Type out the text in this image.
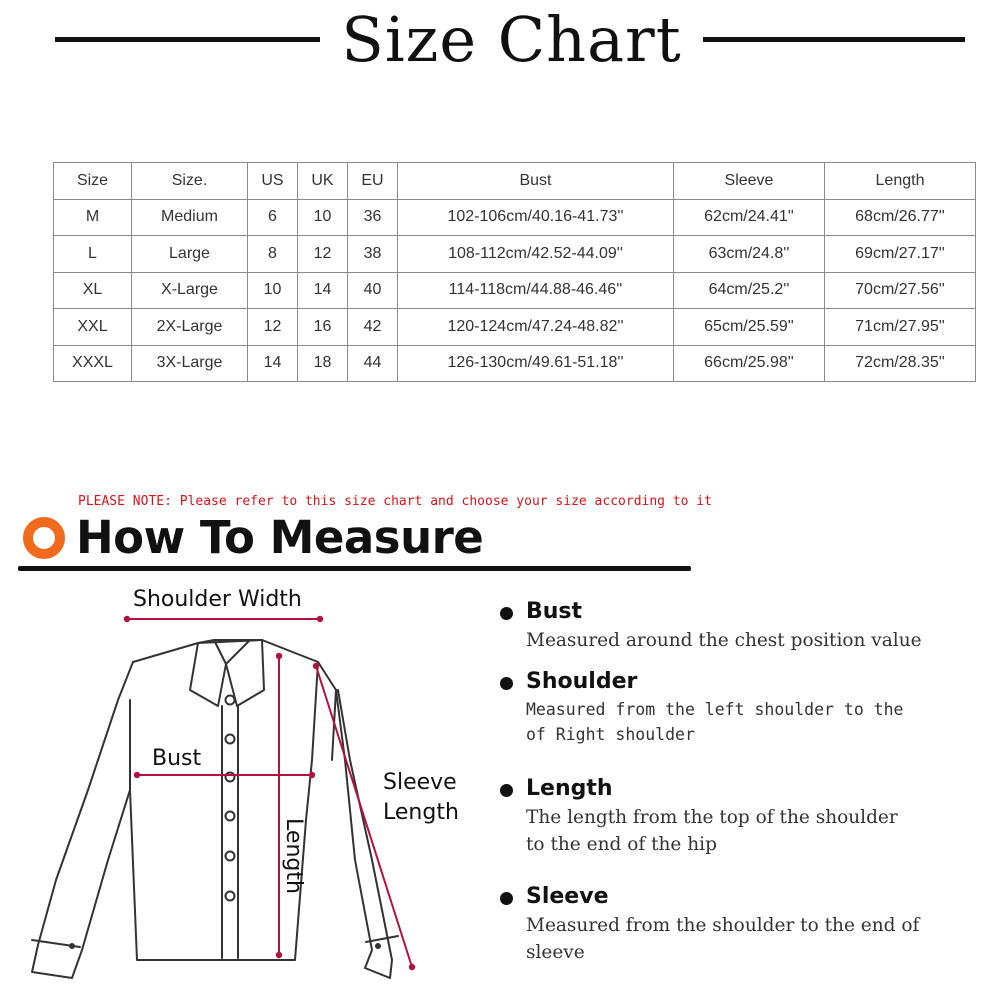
Size Chart
Size	Size.	US	UK	EU	Bust	Sleeve	Length
M	Medium	6	10	36	102-106cm/40.16-41.73''	62cm/24.41''	68cm/26.77''
L	Large	8	12	38	108-112cm/42.52-44.09''	63cm/24.8''	69cm/27.17''
XL	X-Large	10	14	40	114-118cm/44.88-46.46''	64cm/25.2''	70cm/27.56''
XXL	2X-Large	12	16	42	120-124cm/47.24-48.82''	65cm/25.59''	71cm/27.95''
XXXL	3X-Large	14	18	44	126-130cm/49.61-51.18''	66cm/25.98''	72cm/28.35''
PLEASE NOTE: Please refer to this size chart and choose your size according to it
How To Measure
Shoulder Width
Bust
Sleeve
Length
Length
Bust
Measured around the chest position value
Shoulder
Measured from the left shoulder to the of Right shoulder
Length
The length from the top of the shoulder to the end of the hip
Sleeve
Measured from the shoulder to the end of sleeve
